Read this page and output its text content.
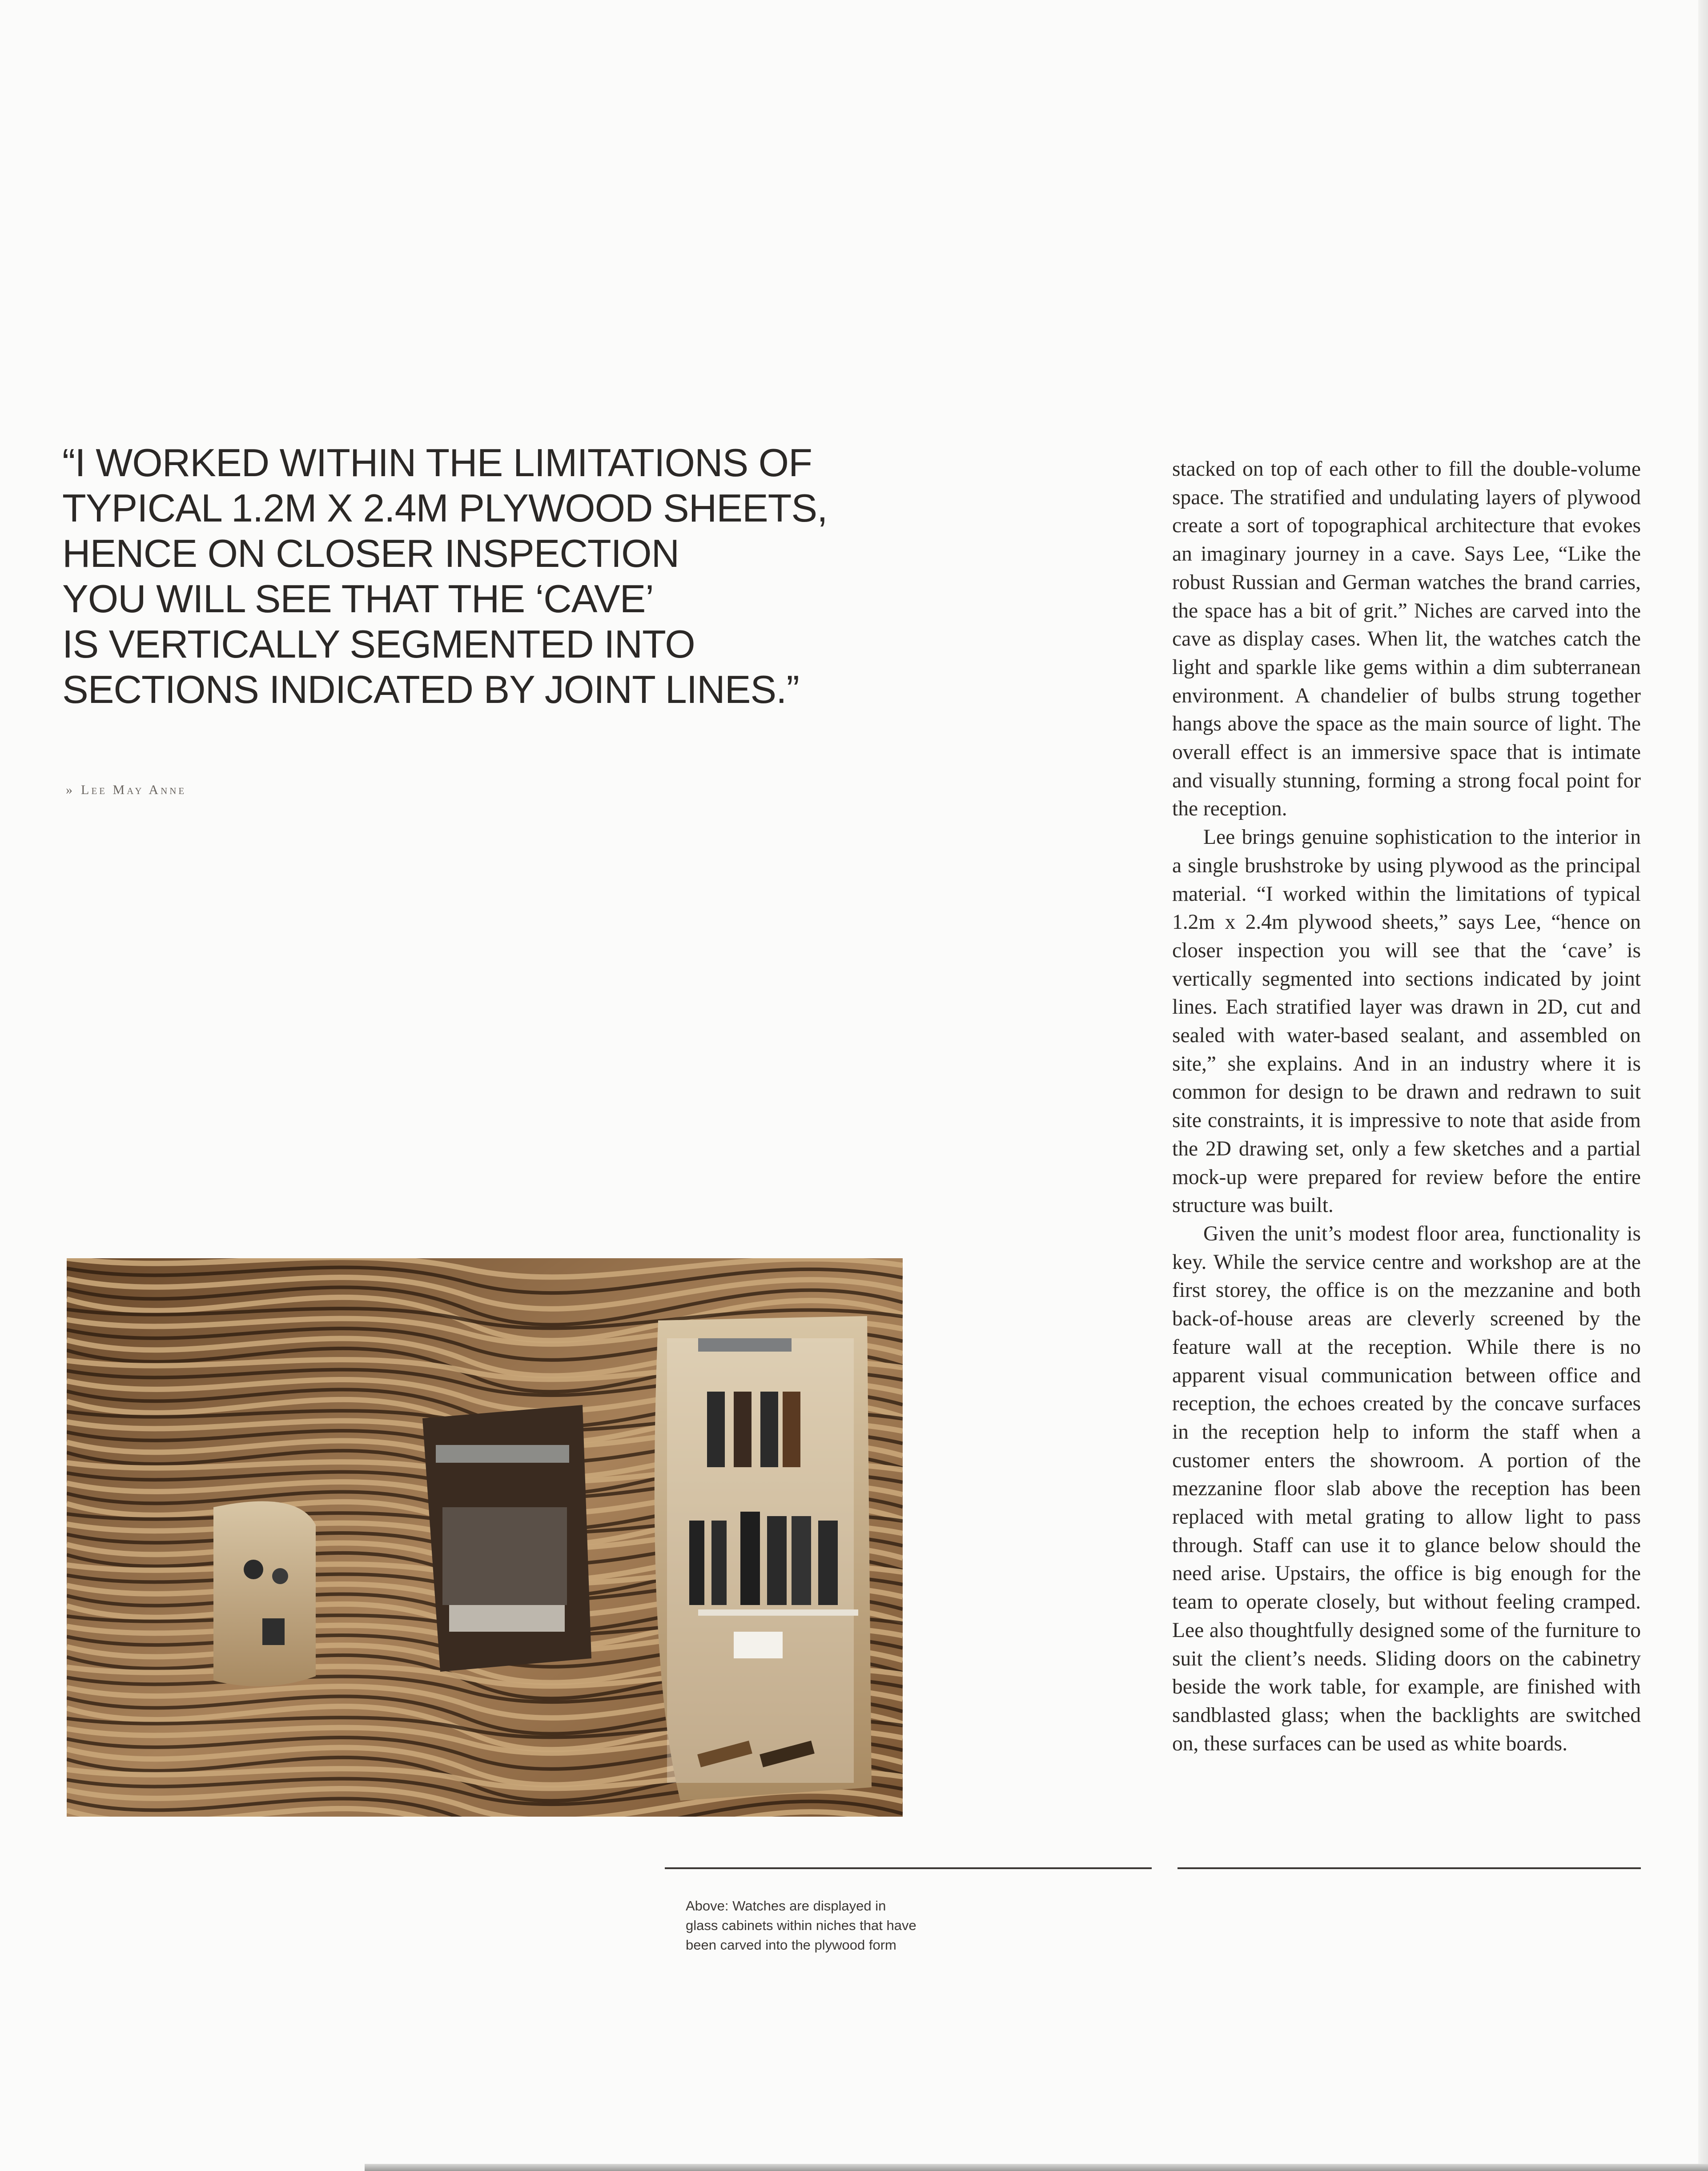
“I WORKED WITHIN THE LIMITATIONS OF
TYPICAL 1.2M X 2.4M PLYWOOD SHEETS,
HENCE ON CLOSER INSPECTION
YOU WILL SEE THAT THE ‘CAVE’
IS VERTICALLY SEGMENTED INTO
SECTIONS INDICATED BY JOINT LINES.”
» Lee May Anne

stacked on top of each other to fill the double-volume space. The stratified and undulating layers of plywood create a sort of topographical architecture that evokes an imaginary journey in a cave. Says Lee, “Like the robust Russian and German watches the brand carries, the space has a bit of grit.” Niches are carved into the cave as display cases. When lit, the watches catch the light and sparkle like gems within a dim subterranean environment. A chandelier of bulbs strung together hangs above the space as the main source of light. The overall effect is an immersive space that is intimate and visually stunning, forming a strong focal point for the reception.

Lee brings genuine sophistication to the interior in a single brushstroke by using plywood as the principal material. “I worked within the limitations of typical 1.2m x 2.4m plywood sheets,” says Lee, “hence on closer inspection you will see that the ‘cave’ is vertically segmented into sections indicated by joint lines. Each stratified layer was drawn in 2D, cut and sealed with water-based sealant, and assembled on site,” she explains. And in an industry where it is common for design to be drawn and redrawn to suit site constraints, it is impressive to note that aside from the 2D drawing set, only a few sketches and a partial mock-up were prepared for review before the entire structure was built.

Given the unit’s modest floor area, functionality is key. While the service centre and workshop are at the first storey, the office is on the mezzanine and both back-of-house areas are cleverly screened by the feature wall at the reception. While there is no apparent visual communication between office and reception, the echoes created by the concave surfaces in the reception help to inform the staff when a customer enters the showroom. A portion of the mezzanine floor slab above the reception has been replaced with metal grating to allow light to pass through. Staff can use it to glance below should the need arise. Upstairs, the office is big enough for the team to operate closely, but without feeling cramped. Lee also thoughtfully designed some of the furniture to suit the client’s needs. Sliding doors on the cabinetry beside the work table, for example, are finished with sandblasted glass; when the backlights are switched on, these surfaces can be used as white boards.

Above: Watches are displayed in glass cabinets within niches that have been carved into the plywood form
